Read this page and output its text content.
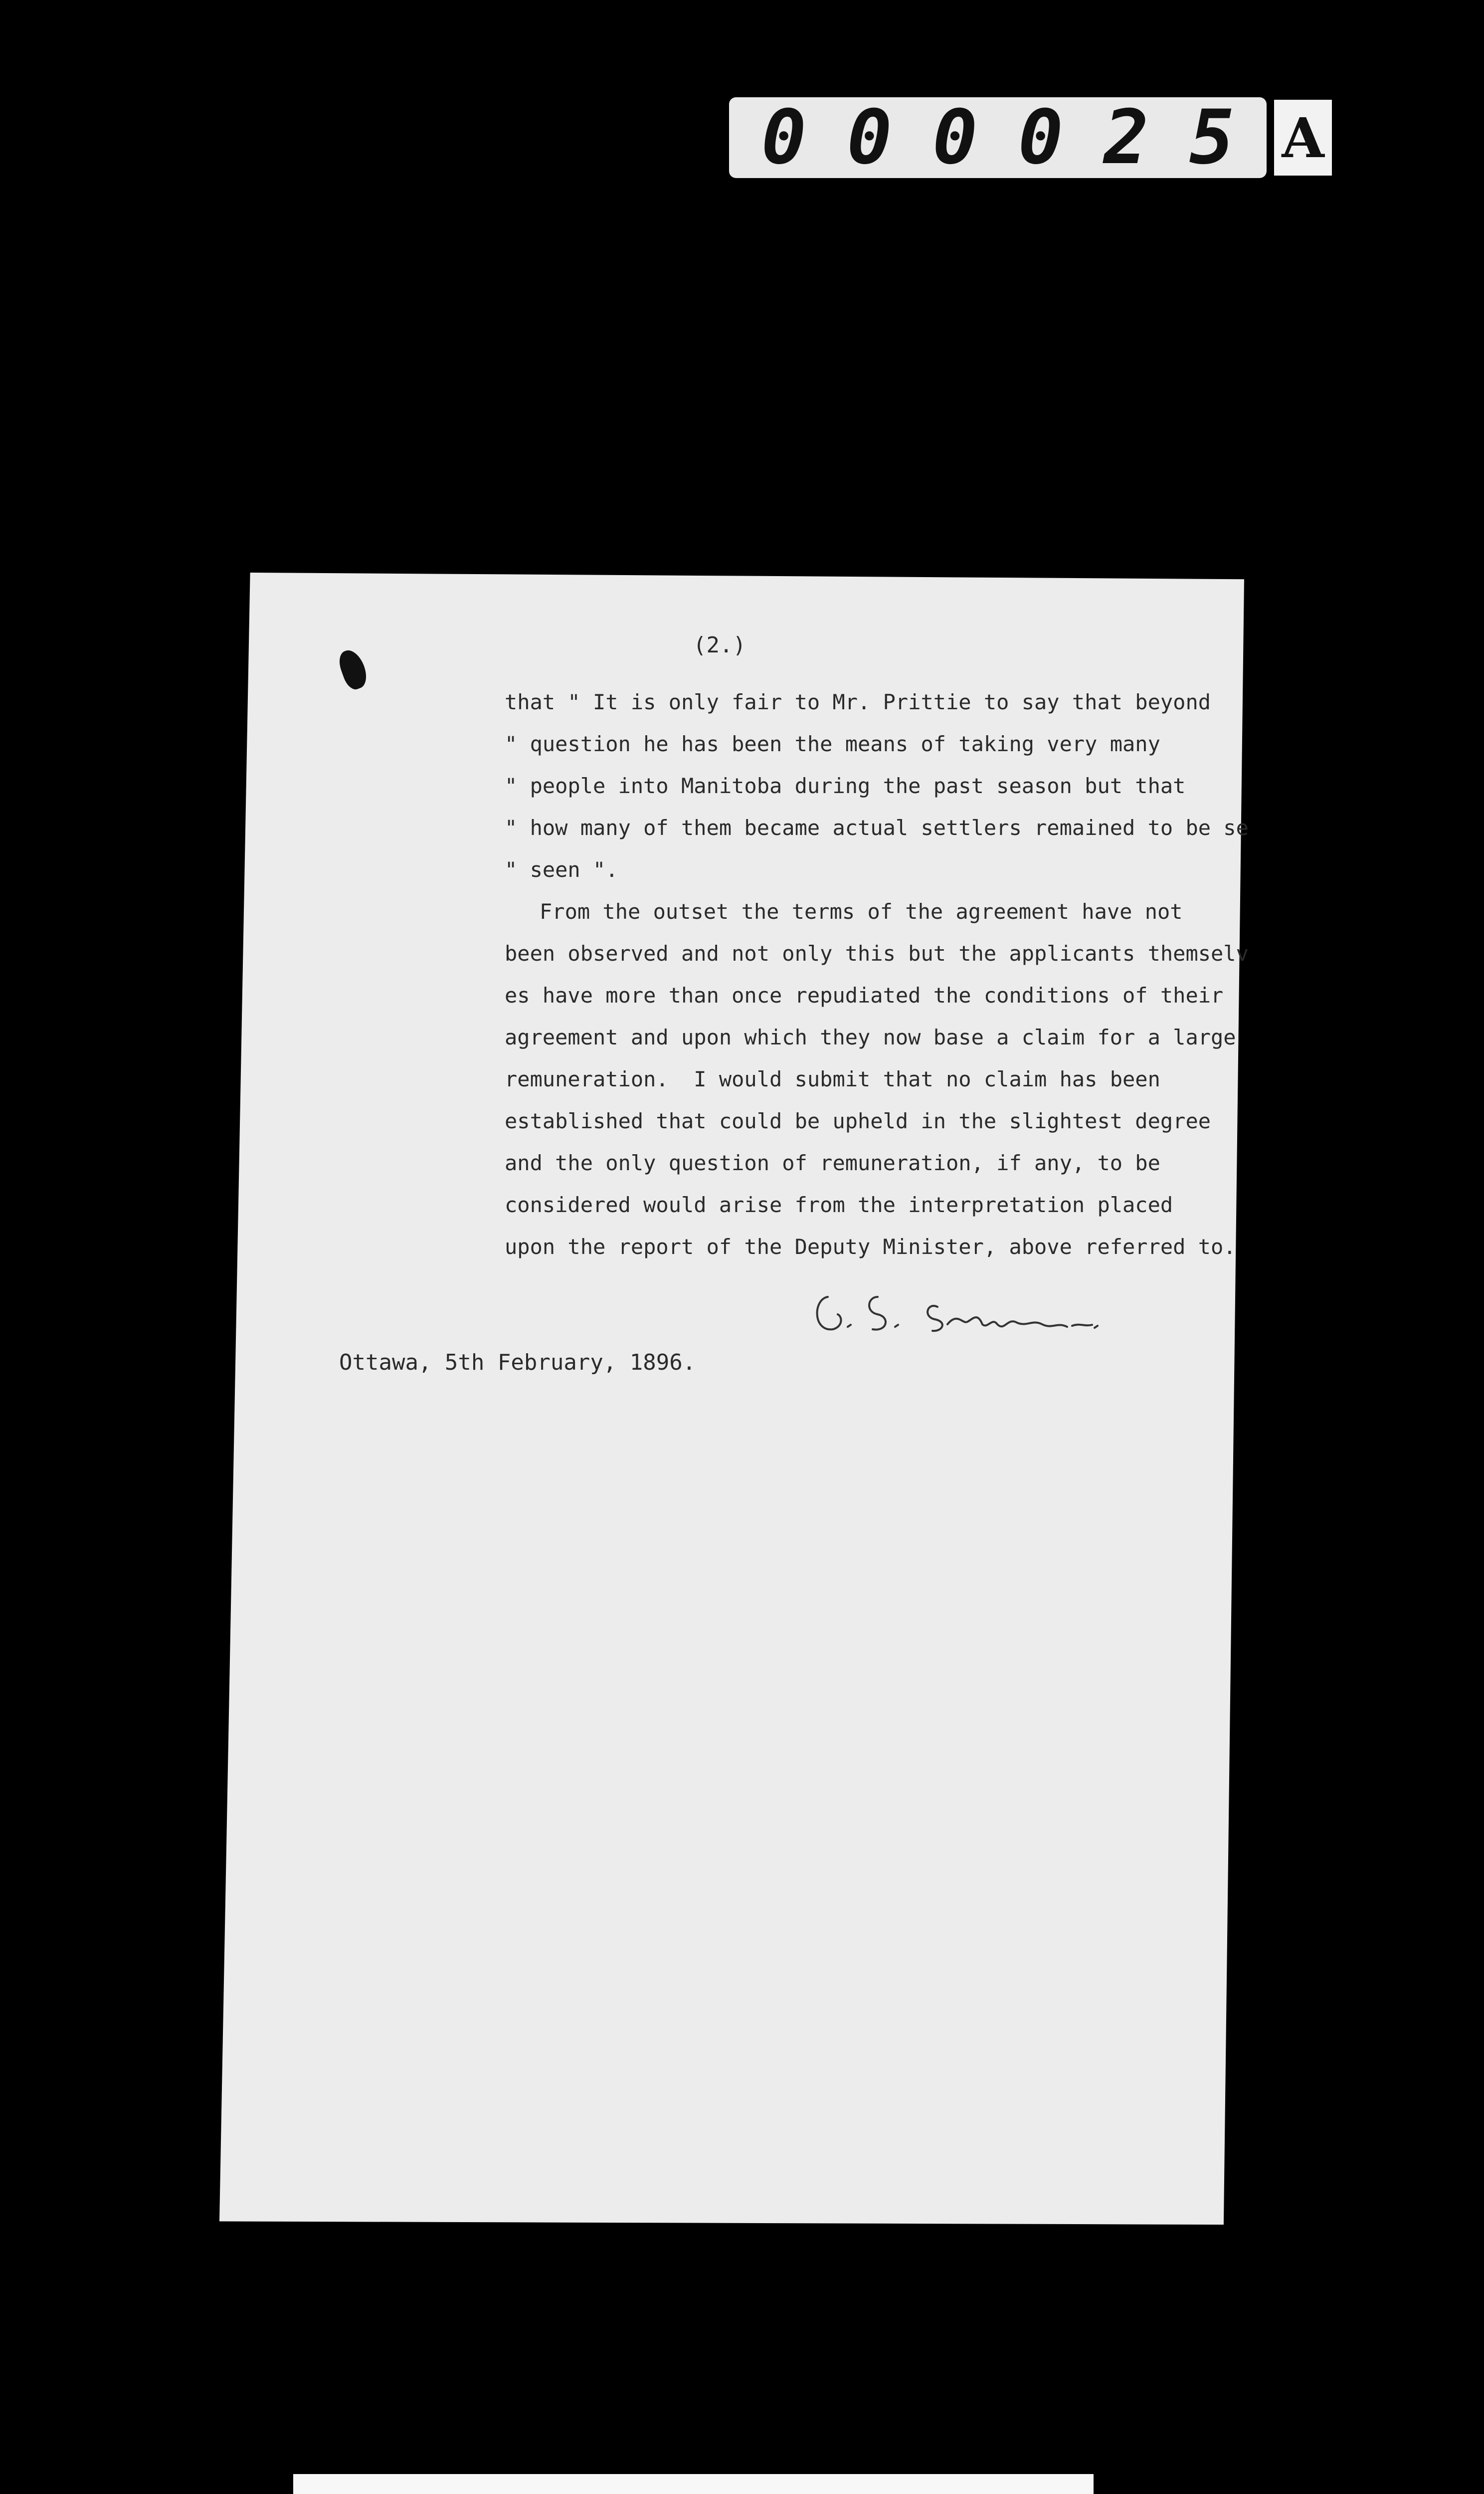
0 0 0 0 2 5 A
(2.)
that " It is only fair to Mr. Prittie to say that beyond
" question he has been the means of taking very many
" people into Manitoba during the past season but that
" how many of them became actual settlers remained to be se
" seen ".
From the outset the terms of the agreement have not
been observed and not only this but the applicants themselv
es have more than once repudiated the conditions of their
agreement and upon which they now base a claim for a large
remuneration.  I would submit that no claim has been
established that could be upheld in the slightest degree
and the only question of remuneration, if any, to be
considered would arise from the interpretation placed
upon the report of the Deputy Minister, above referred to.
Ottawa, 5th February, 1896.
